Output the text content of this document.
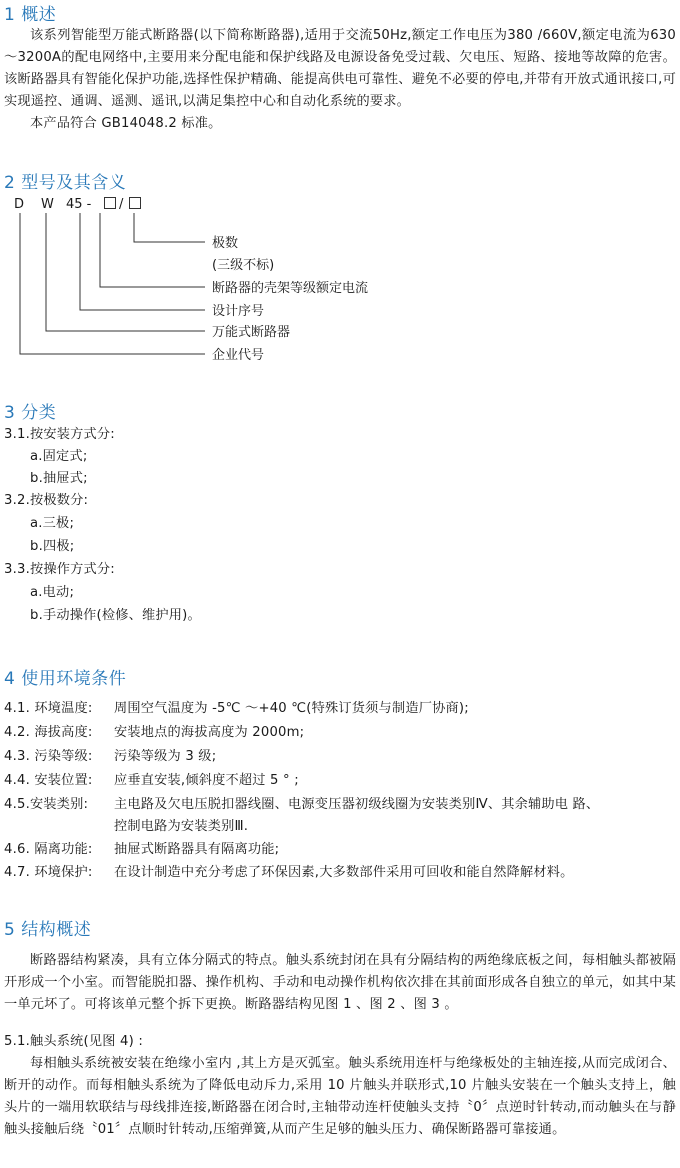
1 概述
该系列智能型万能式断路器(以下简称断路器),适用于交流50Hz,额定工作电压为380 /660V,额定电流为630～3200A的配电网络中,主要用来分配电能和保护线路及电源设备免受过载、欠电压、短路、接地等故障的危害。该断路器具有智能化保护功能,选择性保护精确、能提高供电可靠性、避免不必要的停电,并带有开放式通讯接口,可实现遥控、通调、遥测、遥讯,以满足集控中心和自动化系统的要求。
本产品符合 GB14048.2 标准。
2 型号及其含义
D W 45 - /
极数
(三级不标)
断路器的壳架等级额定电流
设计序号
万能式断路器
企业代号
3 分类
3.1.按安装方式分:
a.固定式;
b.抽屉式;
3.2.按极数分:
a.三极;
b.四极;
3.3.按操作方式分:
a.电动;
b.手动操作(检修、维护用)。
4 使用环境条件
4.1. 环境温度: 周围空气温度为 -5℃ ～+40 ℃(特殊订货须与制造厂协商);
4.2. 海拔高度: 安装地点的海拔高度为 2000m;
4.3. 污染等级: 污染等级为 3 级;
4.4. 安装位置: 应垂直安装,倾斜度不超过 5 ° ;
4.5.安装类别: 主电路及欠电压脱扣器线圈、电源变压器初级线圈为安装类别Ⅳ、其余辅助电 路、
控制电路为安装类别Ⅲ.
4.6. 隔离功能: 抽屉式断路器具有隔离功能;
4.7. 环境保护: 在设计制造中充分考虑了环保因素,大多数部件采用可回收和能自然降解材料。
5 结构概述
断路器结构紧凑，具有立体分隔式的特点。触头系统封闭在具有分隔结构的两绝缘底板之间，每相触头都被隔开形成一个小室。而智能脱扣器、操作机构、手动和电动操作机构依次排在其前面形成各自独立的单元，如其中某一单元坏了。可将该单元整个拆下更换。断路器结构见图 1 、图 2 、图 3 。
5.1.触头系统(见图 4) :
每相触头系统被安装在绝缘小室内 ,其上方是灭弧室。触头系统用连杆与绝缘板处的主轴连接,从而完成闭合、断开的动作。而每相触头系统为了降低电动斥力,采用 10 片触头并联形式,10 片触头安装在一个触头支持上，触头片的一端用软联结与母线排连接,断路器在闭合时,主轴带动连杆使触头支持〝0〞点逆时针转动,而动触头在与静触头接触后绕〝01〞点顺时针转动,压缩弹簧,从而产生足够的触头压力、确保断路器可靠接通。
